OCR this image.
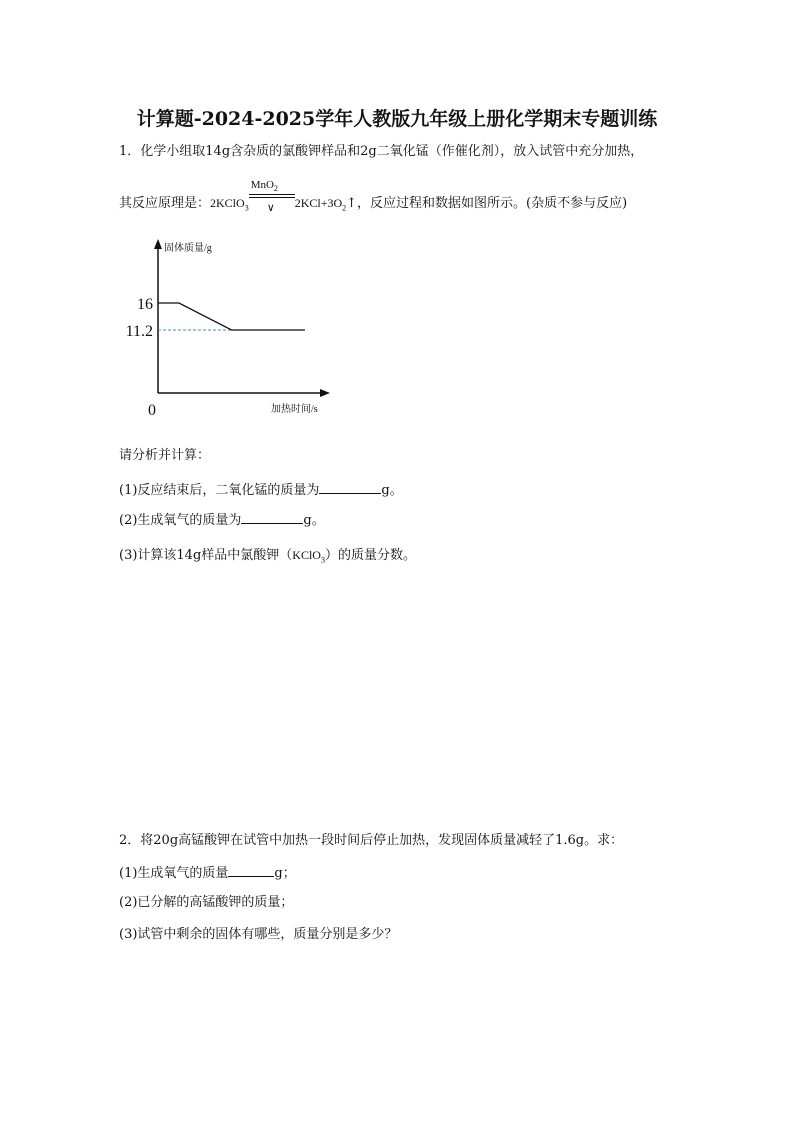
计算题-2024-2025学年人教版九年级上册化学期末专题训练
1．化学小组取14g含杂质的氯酸钾样品和2g二氧化锰（作催化剂），放入试管中充分加热，
其反应原理是：2KClO$_3$
MnO$_2$
∨ $2KCl+3O_2↑$，反应过程和数据如图所示。(杂质不参与反应)
固体质量/g
加热时间/s
0
16
11.2
请分析并计算：
(1)反应结束后，二氧化锰的质量为	g。
(2)生成氧气的质量为	g。
(3)计算该14g样品中氯酸钾（KClO$_3$）的质量分数。
2．将20g高锰酸钾在试管中加热一段时间后停止加热，发现固体质量减轻了1.6g。求：
(1)生成氧气的质量	g；
(2)已分解的高锰酸钾的质量；
(3)试管中剩余的固体有哪些，质量分别是多少？
